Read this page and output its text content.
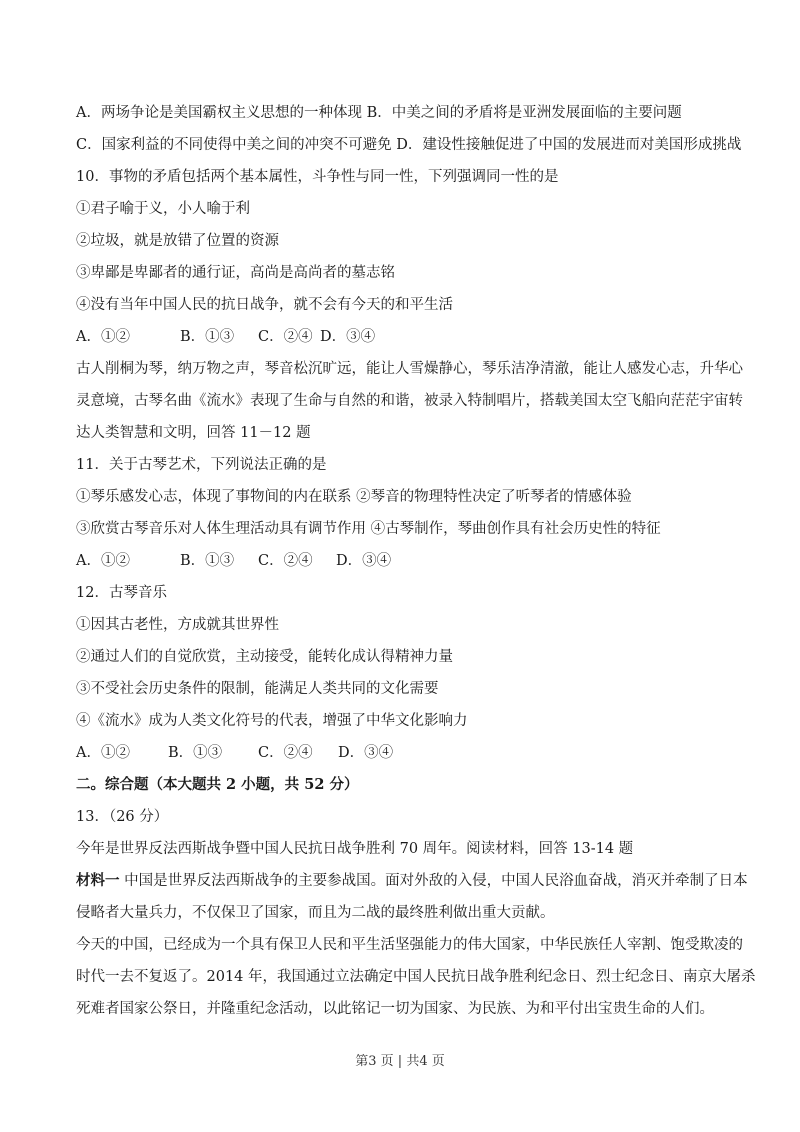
A．两场争论是美国霸权主义思想的一种体现 B．中美之间的矛盾将是亚洲发展面临的主要问题
C．国家利益的不同使得中美之间的冲突不可避免 D．建设性接触促进了中国的发展进而对美国形成挑战
10．事物的矛盾包括两个基本属性，斗争性与同一性，下列强调同一性的是
①君子喻于义，小人喻于利
②垃圾，就是放错了位置的资源
③卑鄙是卑鄙者的通行证，高尚是高尚者的墓志铭
④没有当年中国人民的抗日战争，就不会有今天的和平生活
A．①②	B．①③	C．②④ D．③④
古人削桐为琴，纳万物之声，琴音松沉旷远，能让人雪燥静心，琴乐洁净清澈，能让人感发心志，升华心
灵意境，古琴名曲《流水》表现了生命与自然的和谐，被录入特制唱片，搭载美国太空飞船向茫茫宇宙转
达人类智慧和文明，回答 11－12 题
11．关于古琴艺术，下列说法正确的是
①琴乐感发心志，体现了事物间的内在联系 ②琴音的物理特性决定了听琴者的情感体验
③欣赏古琴音乐对人体生理活动具有调节作用 ④古琴制作，琴曲创作具有社会历史性的特征
A．①②	B．①③	C．②④	D．③④
12．古琴音乐
①因其古老性，方成就其世界性
②通过人们的自觉欣赏，主动接受，能转化成认得精神力量
③不受社会历史条件的限制，能满足人类共同的文化需要
④《流水》成为人类文化符号的代表，增强了中华文化影响力
A．①②	B．①③	C．②④	D．③④
二。综合题（本大题共 2 小题，共 52 分）
13．（26 分）
今年是世界反法西斯战争暨中国人民抗日战争胜利 70 周年。阅读材料，回答 13-14 题
材料一 中国是世界反法西斯战争的主要参战国。面对外敌的入侵，中国人民浴血奋战，消灭并牵制了日本
侵略者大量兵力，不仅保卫了国家，而且为二战的最终胜利做出重大贡献。
今天的中国，已经成为一个具有保卫人民和平生活坚强能力的伟大国家，中华民族任人宰割、饱受欺凌的
时代一去不复返了。2014 年，我国通过立法确定中国人民抗日战争胜利纪念日、烈士纪念日、南京大屠杀
死难者国家公祭日，并隆重纪念活动，以此铭记一切为国家、为民族、为和平付出宝贵生命的人们。
第3 页 | 共4 页
